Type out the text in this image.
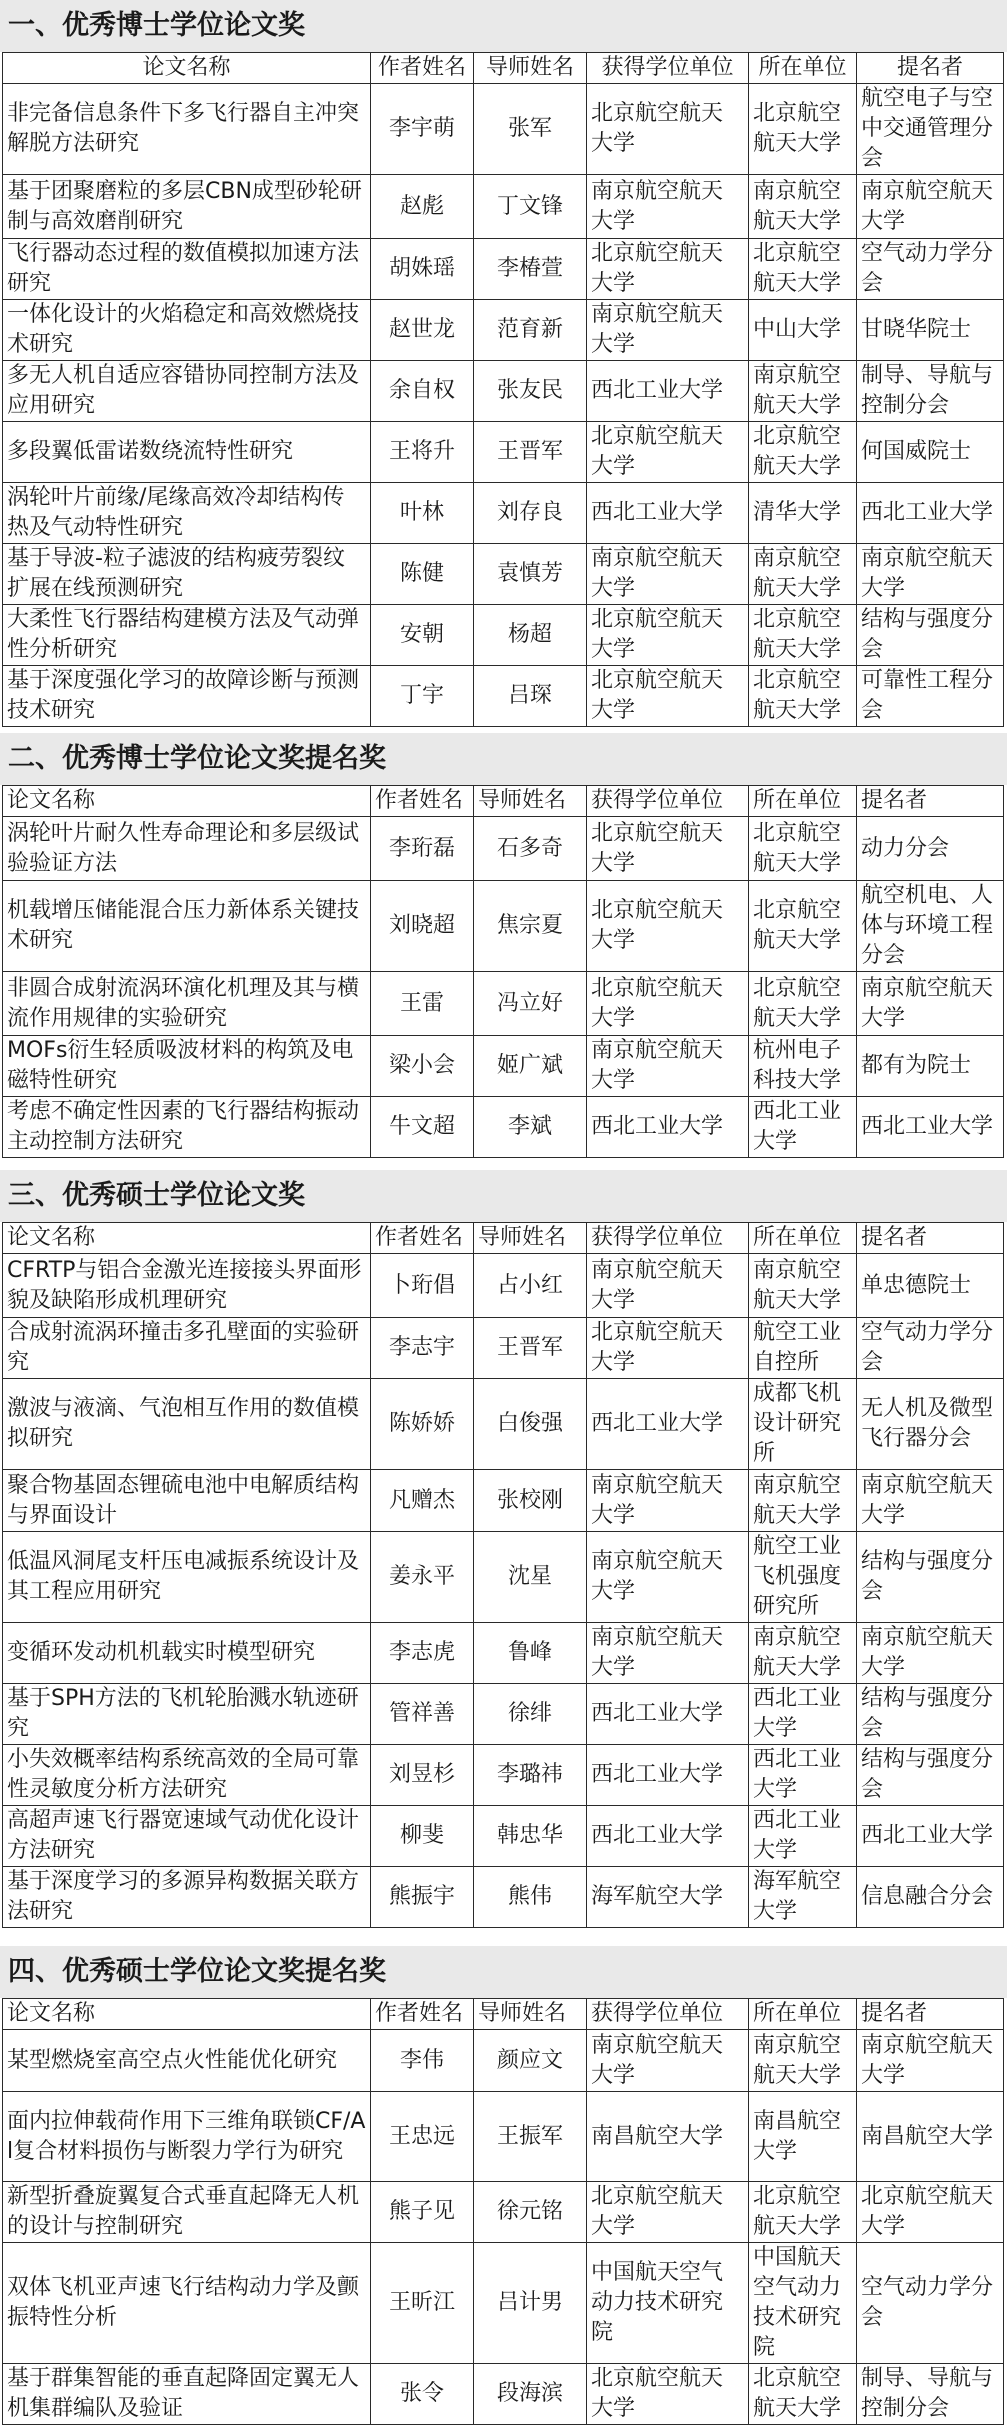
一、优秀博士学位论文奖
论文名称	作者姓名	导师姓名	获得学位单位	所在单位	提名者
非完备信息条件下多飞行器自主冲突解脱方法研究	李宇萌	张军	北京航空航天大学	北京航空航天大学	航空电子与空中交通管理分会
基于团聚磨粒的多层CBN成型砂轮研制与高效磨削研究	赵彪	丁文锋	南京航空航天大学	南京航空航天大学	南京航空航天大学
飞行器动态过程的数值模拟加速方法研究	胡姝瑶	李椿萱	北京航空航天大学	北京航空航天大学	空气动力学分会
一体化设计的火焰稳定和高效燃烧技术研究	赵世龙	范育新	南京航空航天大学	中山大学	甘晓华院士
多无人机自适应容错协同控制方法及应用研究	余自权	张友民	西北工业大学	南京航空航天大学	制导、导航与控制分会
多段翼低雷诺数绕流特性研究	王将升	王晋军	北京航空航天大学	北京航空航天大学	何国威院士
涡轮叶片前缘/尾缘高效冷却结构传热及气动特性研究	叶林	刘存良	西北工业大学	清华大学	西北工业大学
基于导波-粒子滤波的结构疲劳裂纹扩展在线预测研究	陈健	袁慎芳	南京航空航天大学	南京航空航天大学	南京航空航天大学
大柔性飞行器结构建模方法及气动弹性分析研究	安朝	杨超	北京航空航天大学	北京航空航天大学	结构与强度分会
基于深度强化学习的故障诊断与预测技术研究	丁宇	吕琛	北京航空航天大学	北京航空航天大学	可靠性工程分会
二、优秀博士学位论文奖提名奖
论文名称	作者姓名	导师姓名	获得学位单位	所在单位	提名者
涡轮叶片耐久性寿命理论和多层级试验验证方法	李珩磊	石多奇	北京航空航天大学	北京航空航天大学	动力分会
机载增压储能混合压力新体系关键技术研究	刘晓超	焦宗夏	北京航空航天大学	北京航空航天大学	航空机电、人体与环境工程分会
非圆合成射流涡环演化机理及其与横流作用规律的实验研究	王雷	冯立好	北京航空航天大学	北京航空航天大学	南京航空航天大学
MOFs衍生轻质吸波材料的构筑及电磁特性研究	梁小会	姬广斌	南京航空航天大学	杭州电子科技大学	都有为院士
考虑不确定性因素的飞行器结构振动主动控制方法研究	牛文超	李斌	西北工业大学	西北工业大学	西北工业大学
三、优秀硕士学位论文奖
论文名称	作者姓名	导师姓名	获得学位单位	所在单位	提名者
CFRTP与铝合金激光连接接头界面形貌及缺陷形成机理研究	卜珩倡	占小红	南京航空航天大学	南京航空航天大学	单忠德院士
合成射流涡环撞击多孔壁面的实验研究	李志宇	王晋军	北京航空航天大学	航空工业自控所	空气动力学分会
激波与液滴、气泡相互作用的数值模拟研究	陈娇娇	白俊强	西北工业大学	成都飞机设计研究所	无人机及微型飞行器分会
聚合物基固态锂硫电池中电解质结构与界面设计	凡赠杰	张校刚	南京航空航天大学	南京航空航天大学	南京航空航天大学
低温风洞尾支杆压电减振系统设计及其工程应用研究	姜永平	沈星	南京航空航天大学	航空工业飞机强度研究所	结构与强度分会
变循环发动机机载实时模型研究	李志虎	鲁峰	南京航空航天大学	南京航空航天大学	南京航空航天大学
基于SPH方法的飞机轮胎溅水轨迹研究	管祥善	徐绯	西北工业大学	西北工业大学	结构与强度分会
小失效概率结构系统高效的全局可靠性灵敏度分析方法研究	刘昱杉	李璐祎	西北工业大学	西北工业大学	结构与强度分会
高超声速飞行器宽速域气动优化设计方法研究	柳斐	韩忠华	西北工业大学	西北工业大学	西北工业大学
基于深度学习的多源异构数据关联方法研究	熊振宇	熊伟	海军航空大学	海军航空大学	信息融合分会
四、优秀硕士学位论文奖提名奖
论文名称	作者姓名	导师姓名	获得学位单位	所在单位	提名者
某型燃烧室高空点火性能优化研究	李伟	颜应文	南京航空航天大学	南京航空航天大学	南京航空航天大学
面内拉伸载荷作用下三维角联锁CF/Al复合材料损伤与断裂力学行为研究	王忠远	王振军	南昌航空大学	南昌航空大学	南昌航空大学
新型折叠旋翼复合式垂直起降无人机的设计与控制研究	熊子见	徐元铭	北京航空航天大学	北京航空航天大学	北京航空航天大学
双体飞机亚声速飞行结构动力学及颤振特性分析	王昕江	吕计男	中国航天空气动力技术研究院	中国航天空气动力技术研究院	空气动力学分会
基于群集智能的垂直起降固定翼无人机集群编队及验证	张令	段海滨	北京航空航天大学	北京航空航天大学	制导、导航与控制分会
